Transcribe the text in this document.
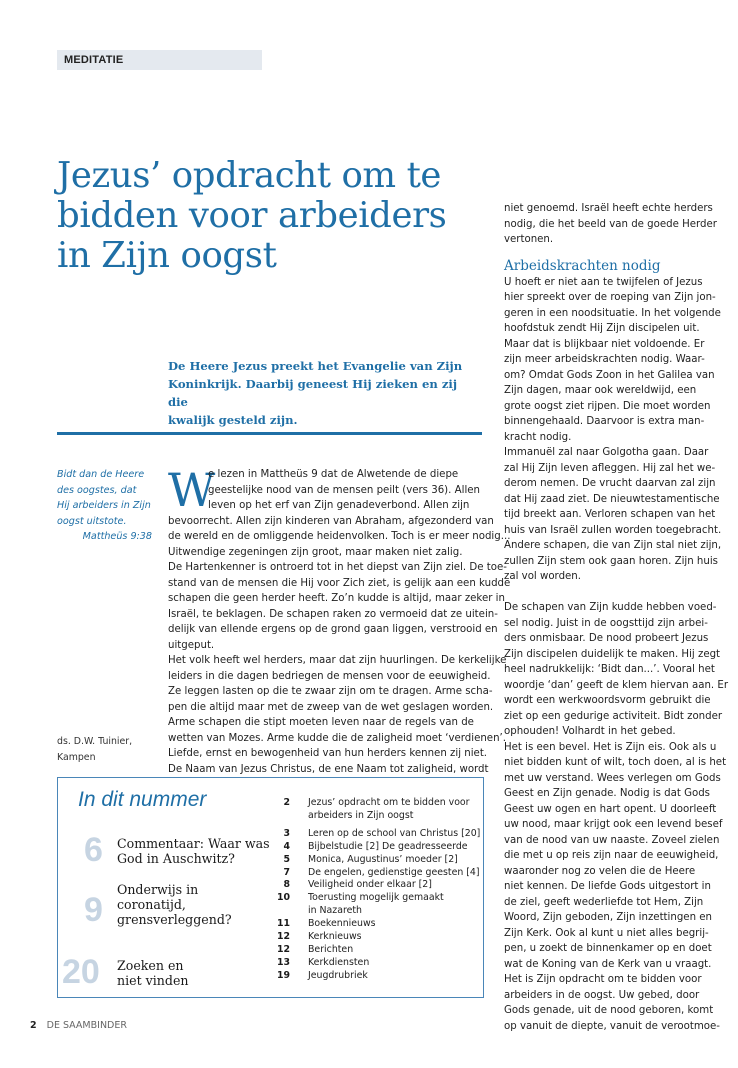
MEDITATIE
Jezus’ opdracht om te
bidden voor arbeiders
in Zijn oogst

De Heere Jezus preekt het Evangelie van Zijn
Koninkrijk. Daarbij geneest Hij zieken en zij die
kwalijk gesteld zijn.

Bidt dan de Heere
des oogstes, dat
Hij arbeiders in Zijn
oogst uitstote.
Mattheüs 9:38
ds. D.W. Tuinier,
Kampen
W
e lezen in Mattheüs 9 dat de Alwetende de diepe
geestelijke nood van de mensen peilt (vers 36). Allen
leven op het erf van Zijn genadeverbond. Allen zijn
bevoorrecht. Allen zijn kinderen van Abraham, afgezonderd van
de wereld en de omliggende heidenvolken. Toch is er meer nodig...
Uitwendige zegeningen zijn groot, maar maken niet zalig.
De Hartenkenner is ontroerd tot in het diepst van Zijn ziel. De toe-
stand van de mensen die Hij voor Zich ziet, is gelijk aan een kudde
schapen die geen herder heeft. Zo’n kudde is altijd, maar zeker in
Israël, te beklagen. De schapen raken zo vermoeid dat ze uitein-
delijk van ellende ergens op de grond gaan liggen, verstrooid en
uitgeput.
Het volk heeft wel herders, maar dat zijn huurlingen. De kerkelijke
leiders in die dagen bedriegen de mensen voor de eeuwigheid.
Ze leggen lasten op die te zwaar zijn om te dragen. Arme scha-
pen die altijd maar met de zweep van de wet geslagen worden.
Arme schapen die stipt moeten leven naar de regels van de
wetten van Mozes. Arme kudde die de zaligheid moet ‘verdienen’.
Liefde, ernst en bewogenheid van hun herders kennen zij niet.
De Naam van Jezus Christus, de ene Naam tot zaligheid, wordt
niet genoemd. Israël heeft echte herders
nodig, die het beeld van de goede Herder
vertonen.
Arbeidskrachten nodig
U hoeft er niet aan te twijfelen of Jezus
hier spreekt over de roeping van Zijn jon-
geren in een noodsituatie. In het volgende
hoofdstuk zendt Hij Zijn discipelen uit.
Maar dat is blijkbaar niet voldoende. Er
zijn meer arbeidskrachten nodig. Waar-
om? Omdat Gods Zoon in het Galilea van
Zijn dagen, maar ook wereldwijd, een
grote oogst ziet rijpen. Die moet worden
binnengehaald. Daarvoor is extra man-
kracht nodig.
Immanuël zal naar Golgotha gaan. Daar
zal Hij Zijn leven afleggen. Hij zal het we-
derom nemen. De vrucht daarvan zal zijn
dat Hij zaad ziet. De nieuwtestamentische
tijd breekt aan. Verloren schapen van het
huis van Israël zullen worden toegebracht.
Andere schapen, die van Zijn stal niet zijn,
zullen Zijn stem ook gaan horen. Zijn huis
zal vol worden.
De schapen van Zijn kudde hebben voed-
sel nodig. Juist in de oogsttijd zijn arbei-
ders onmisbaar. De nood probeert Jezus
Zijn discipelen duidelijk te maken. Hij zegt
heel nadrukkelijk: ‘Bidt dan...’. Vooral het
woordje ‘dan’ geeft de klem hiervan aan. Er
wordt een werkwoordsvorm gebruikt die
ziet op een gedurige activiteit. Bidt zonder
ophouden! Volhardt in het gebed.
Het is een bevel. Het is Zijn eis. Ook als u
niet bidden kunt of wilt, toch doen, al is het
met uw verstand. Wees verlegen om Gods
Geest en Zijn genade. Nodig is dat Gods
Geest uw ogen en hart opent. U doorleeft
uw nood, maar krijgt ook een levend besef
van de nood van uw naaste. Zoveel zielen
die met u op reis zijn naar de eeuwigheid,
waaronder nog zo velen die de Heere
niet kennen. De liefde Gods uitgestort in
de ziel, geeft wederliefde tot Hem, Zijn
Woord, Zijn geboden, Zijn inzettingen en
Zijn Kerk. Ook al kunt u niet alles begrij-
pen, u zoekt de binnenkamer op en doet
wat de Koning van de Kerk van u vraagt.
Het is Zijn opdracht om te bidden voor
arbeiders in de oogst. Uw gebed, door
Gods genade, uit de nood geboren, komt
op vanuit de diepte, vanuit de verootmoe-
In dit nummer
6 Commentaar: Waar was
God in Auschwitz?
9
Onderwijs in
coronatijd,
grensverleggend?
20 Zoeken en
niet vinden
2 Jezus’ opdracht om te bidden voor
arbeiders in Zijn oogst
3 Leren op de school van Christus [20]
4 Bijbelstudie [2] De geadresseerde
5 Monica, Augustinus’ moeder [2]
7 De engelen, gedienstige geesten [4]
8 Veiligheid onder elkaar [2]
10 Toerusting mogelijk gemaakt
in Nazareth
11 Boekennieuws
12 Kerknieuws
12 Berichten
13 Kerkdiensten
19 Jeugdrubriek
2 DE SAAMBINDER
